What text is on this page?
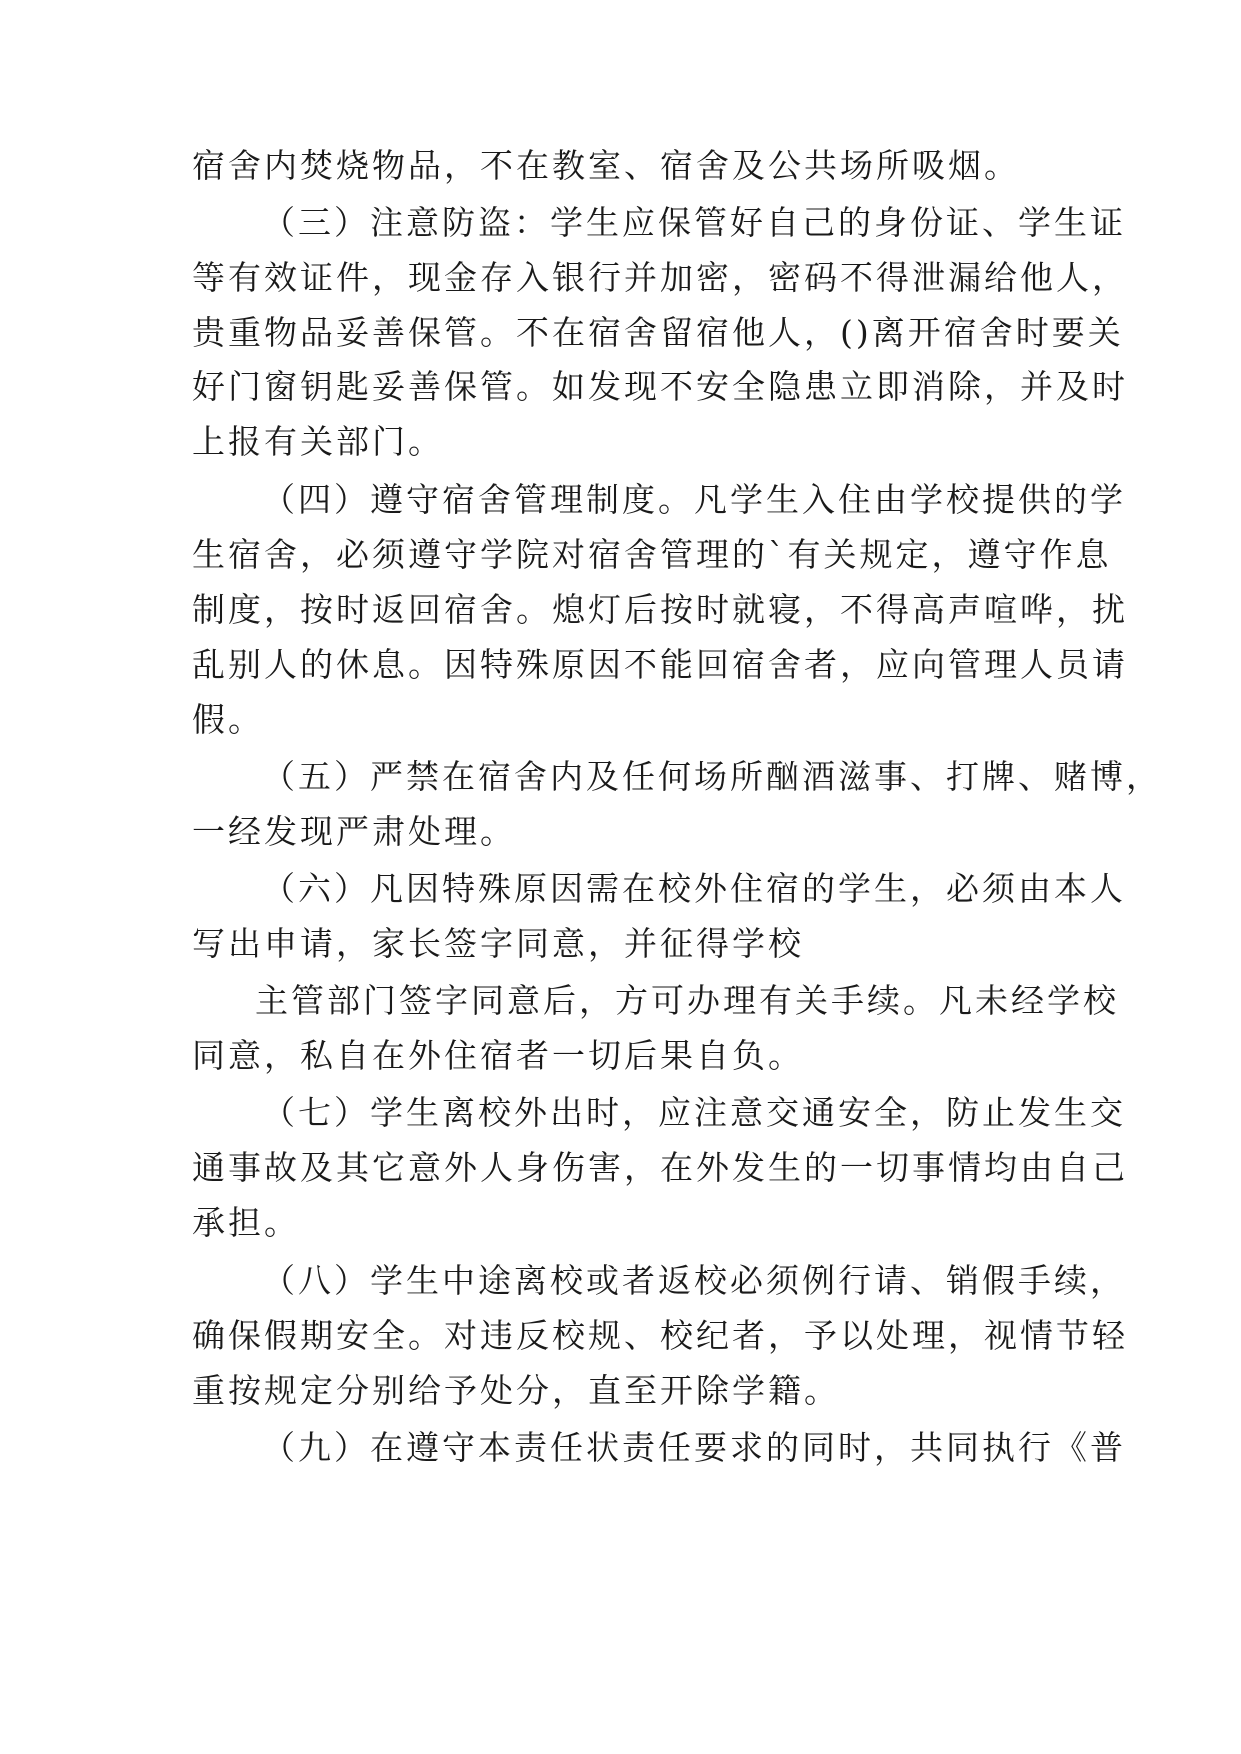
宿舍内焚烧物品，不在教室、宿舍及公共场所吸烟。
（三）注意防盗：学生应保管好自己的身份证、学生证
等有效证件，现金存入银行并加密，密码不得泄漏给他人，
贵重物品妥善保管。不在宿舍留宿他人，()离开宿舍时要关
好门窗钥匙妥善保管。如发现不安全隐患立即消除，并及时
上报有关部门。
（四）遵守宿舍管理制度。凡学生入住由学校提供的学
生宿舍，必须遵守学院对宿舍管理的`有关规定，遵守作息
制度，按时返回宿舍。熄灯后按时就寝，不得高声喧哗，扰
乱别人的休息。因特殊原因不能回宿舍者，应向管理人员请
假。
（五）严禁在宿舍内及任何场所酗酒滋事、打牌、赌博，
一经发现严肃处理。
（六）凡因特殊原因需在校外住宿的学生，必须由本人
写出申请，家长签字同意，并征得学校
主管部门签字同意后，方可办理有关手续。凡未经学校
同意，私自在外住宿者一切后果自负。
（七）学生离校外出时，应注意交通安全，防止发生交
通事故及其它意外人身伤害，在外发生的一切事情均由自己
承担。
（八）学生中途离校或者返校必须例行请、销假手续，
确保假期安全。对违反校规、校纪者，予以处理，视情节轻
重按规定分别给予处分，直至开除学籍。
（九）在遵守本责任状责任要求的同时，共同执行《普
